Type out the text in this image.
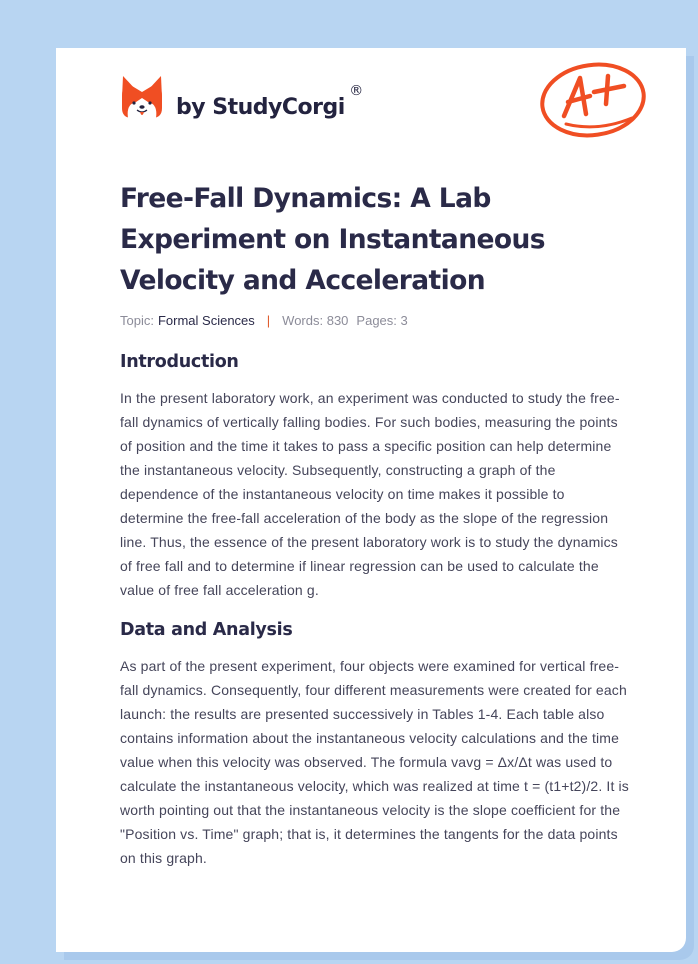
by StudyCorgi
®
Free-Fall Dynamics: A Lab Experiment on Instantaneous Velocity and Acceleration
Topic: Formal Sciences | Words: 830 Pages: 3
Introduction

In the present laboratory work, an experiment was conducted to study the free-fall dynamics of vertically falling bodies. For such bodies, measuring the points of position and the time it takes to pass a specific position can help determine the instantaneous velocity. Subsequently, constructing a graph of the dependence of the instantaneous velocity on time makes it possible to determine the free-fall acceleration of the body as the slope of the regression line. Thus, the essence of the present laboratory work is to study the dynamics of free fall and to determine if linear regression can be used to calculate the value of free fall acceleration g.

Data and Analysis

As part of the present experiment, four objects were examined for vertical free-fall dynamics. Consequently, four different measurements were created for each launch: the results are presented successively in Tables 1-4. Each table also contains information about the instantaneous velocity calculations and the time value when this velocity was observed. The formula vavg = Δx/Δt was used to calculate the instantaneous velocity, which was realized at time t = (t1+t2)/2. It is worth pointing out that the instantaneous velocity is the slope coefficient for the "Position vs. Time" graph; that is, it determines the tangents for the data points on this graph.
